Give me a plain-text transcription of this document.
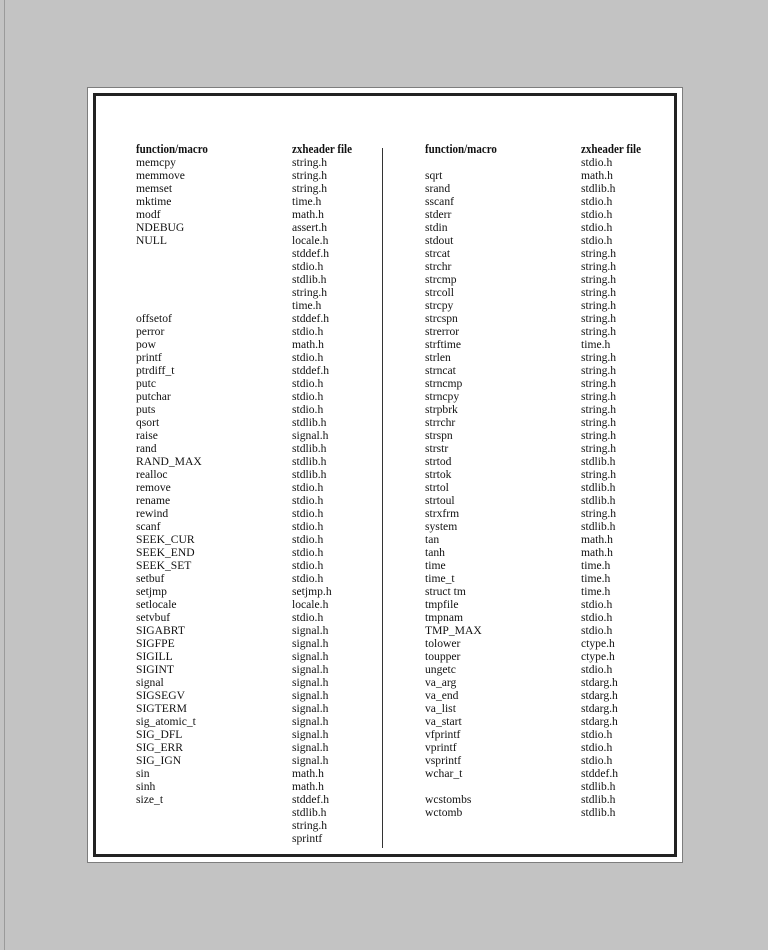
function/macro
memcpy
memmove
memset
mktime
modf
NDEBUG
NULL
offsetof
perror
pow
printf
ptrdiff_t
putc
putchar
puts
qsort
raise
rand
RAND_MAX
realloc
remove
rename
rewind
scanf
SEEK_CUR
SEEK_END
SEEK_SET
setbuf
setjmp
setlocale
setvbuf
SIGABRT
SIGFPE
SIGILL
SIGINT
signal
SIGSEGV
SIGTERM
sig_atomic_t
SIG_DFL
SIG_ERR
SIG_IGN
sin
sinh
size_t
zxheader file
string.h
string.h
string.h
time.h
math.h
assert.h
locale.h
stddef.h
stdio.h
stdlib.h
string.h
time.h
stddef.h
stdio.h
math.h
stdio.h
stddef.h
stdio.h
stdio.h
stdio.h
stdlib.h
signal.h
stdlib.h
stdlib.h
stdlib.h
stdio.h
stdio.h
stdio.h
stdio.h
stdio.h
stdio.h
stdio.h
stdio.h
setjmp.h
locale.h
stdio.h
signal.h
signal.h
signal.h
signal.h
signal.h
signal.h
signal.h
signal.h
signal.h
signal.h
signal.h
math.h
math.h
stddef.h
stdlib.h
string.h
sprintf
function/macro
sqrt
srand
sscanf
stderr
stdin
stdout
strcat
strchr
strcmp
strcoll
strcpy
strcspn
strerror
strftime
strlen
strncat
strncmp
strncpy
strpbrk
strrchr
strspn
strstr
strtod
strtok
strtol
strtoul
strxfrm
system
tan
tanh
time
time_t
struct tm
tmpfile
tmpnam
TMP_MAX
tolower
toupper
ungetc
va_arg
va_end
va_list
va_start
vfprintf
vprintf
vsprintf
wchar_t
wcstombs
wctomb
zxheader file
stdio.h
math.h
stdlib.h
stdio.h
stdio.h
stdio.h
stdio.h
string.h
string.h
string.h
string.h
string.h
string.h
string.h
time.h
string.h
string.h
string.h
string.h
string.h
string.h
string.h
string.h
stdlib.h
string.h
stdlib.h
stdlib.h
string.h
stdlib.h
math.h
math.h
time.h
time.h
time.h
stdio.h
stdio.h
stdio.h
ctype.h
ctype.h
stdio.h
stdarg.h
stdarg.h
stdarg.h
stdarg.h
stdio.h
stdio.h
stdio.h
stddef.h
stdlib.h
stdlib.h
stdlib.h
